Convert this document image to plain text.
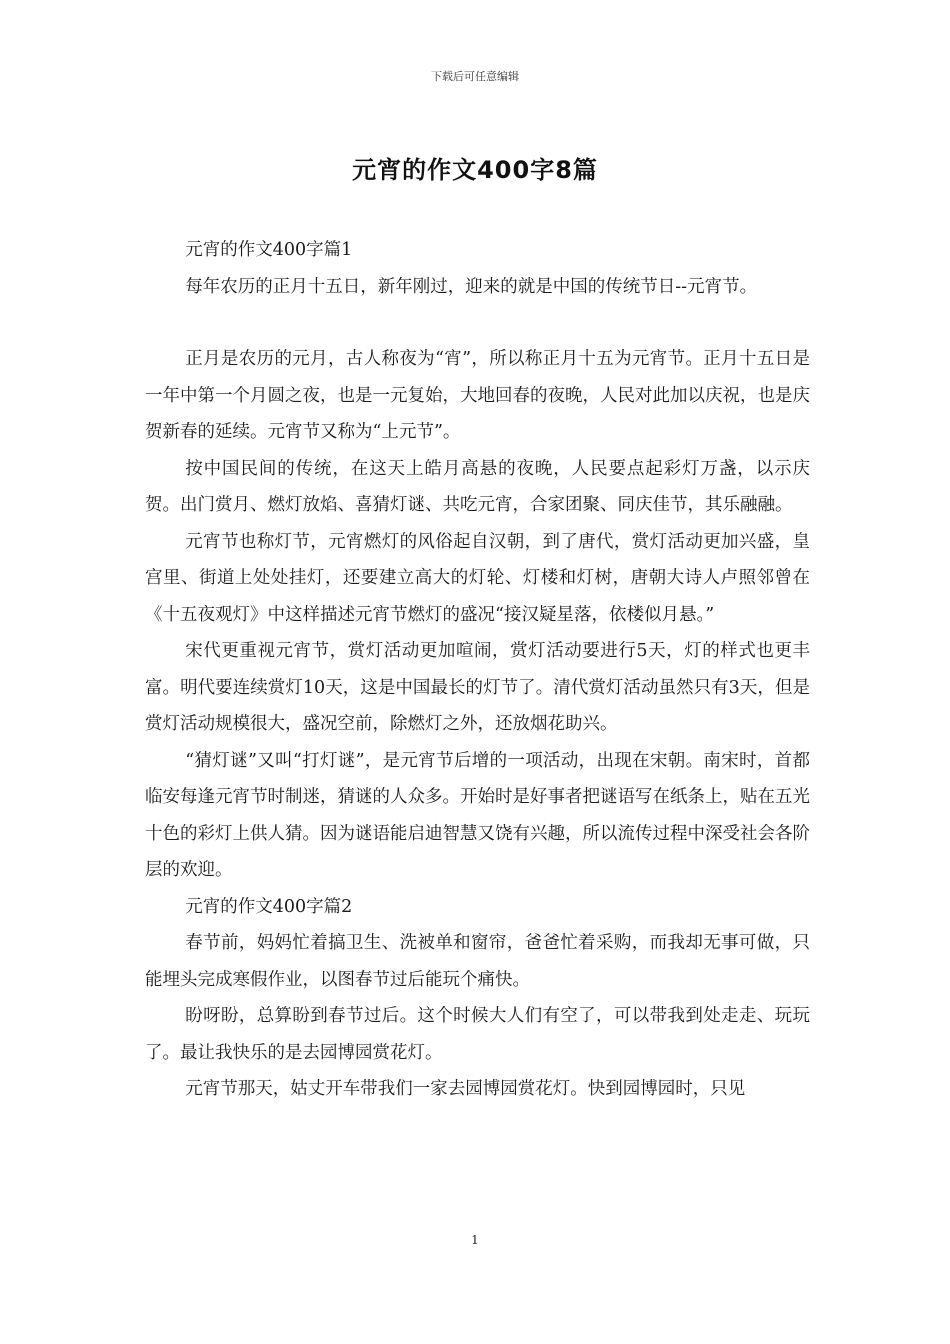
下载后可任意编辑
元宵的作文400字8篇

元宵的作文400字篇1

每年农历的正月十五日，新年刚过，迎来的就是中国的传统节日--元宵节。

正月是农历的元月，古人称夜为“宵”，所以称正月十五为元宵节。正月十五日是一年中第一个月圆之夜，也是一元复始，大地回春的夜晚，人民对此加以庆祝，也是庆贺新春的延续。元宵节又称为“上元节”。

按中国民间的传统，在这天上皓月高悬的夜晚，人民要点起彩灯万盏，以示庆贺。出门赏月、燃灯放焰、喜猜灯谜、共吃元宵，合家团聚、同庆佳节，其乐融融。

元宵节也称灯节，元宵燃灯的风俗起自汉朝，到了唐代，赏灯活动更加兴盛，皇宫里、街道上处处挂灯，还要建立高大的灯轮、灯楼和灯树，唐朝大诗人卢照邻曾在《十五夜观灯》中这样描述元宵节燃灯的盛况“接汉疑星落，依楼似月悬。”

宋代更重视元宵节，赏灯活动更加喧闹，赏灯活动要进行5天，灯的样式也更丰富。明代要连续赏灯10天，这是中国最长的灯节了。清代赏灯活动虽然只有3天，但是赏灯活动规模很大，盛况空前，除燃灯之外，还放烟花助兴。

“猜灯谜”又叫“打灯谜”，是元宵节后增的一项活动，出现在宋朝。南宋时，首都临安每逢元宵节时制迷，猜谜的人众多。开始时是好事者把谜语写在纸条上，贴在五光十色的彩灯上供人猜。因为谜语能启迪智慧又饶有兴趣，所以流传过程中深受社会各阶层的欢迎。

元宵的作文400字篇2

春节前，妈妈忙着搞卫生、洗被单和窗帘，爸爸忙着采购，而我却无事可做，只能埋头完成寒假作业，以图春节过后能玩个痛快。

盼呀盼，总算盼到春节过后。这个时候大人们有空了，可以带我到处走走、玩玩了。最让我快乐的是去园博园赏花灯。

元宵节那天，姑丈开车带我们一家去园博园赏花灯。快到园博园时，只见

1
